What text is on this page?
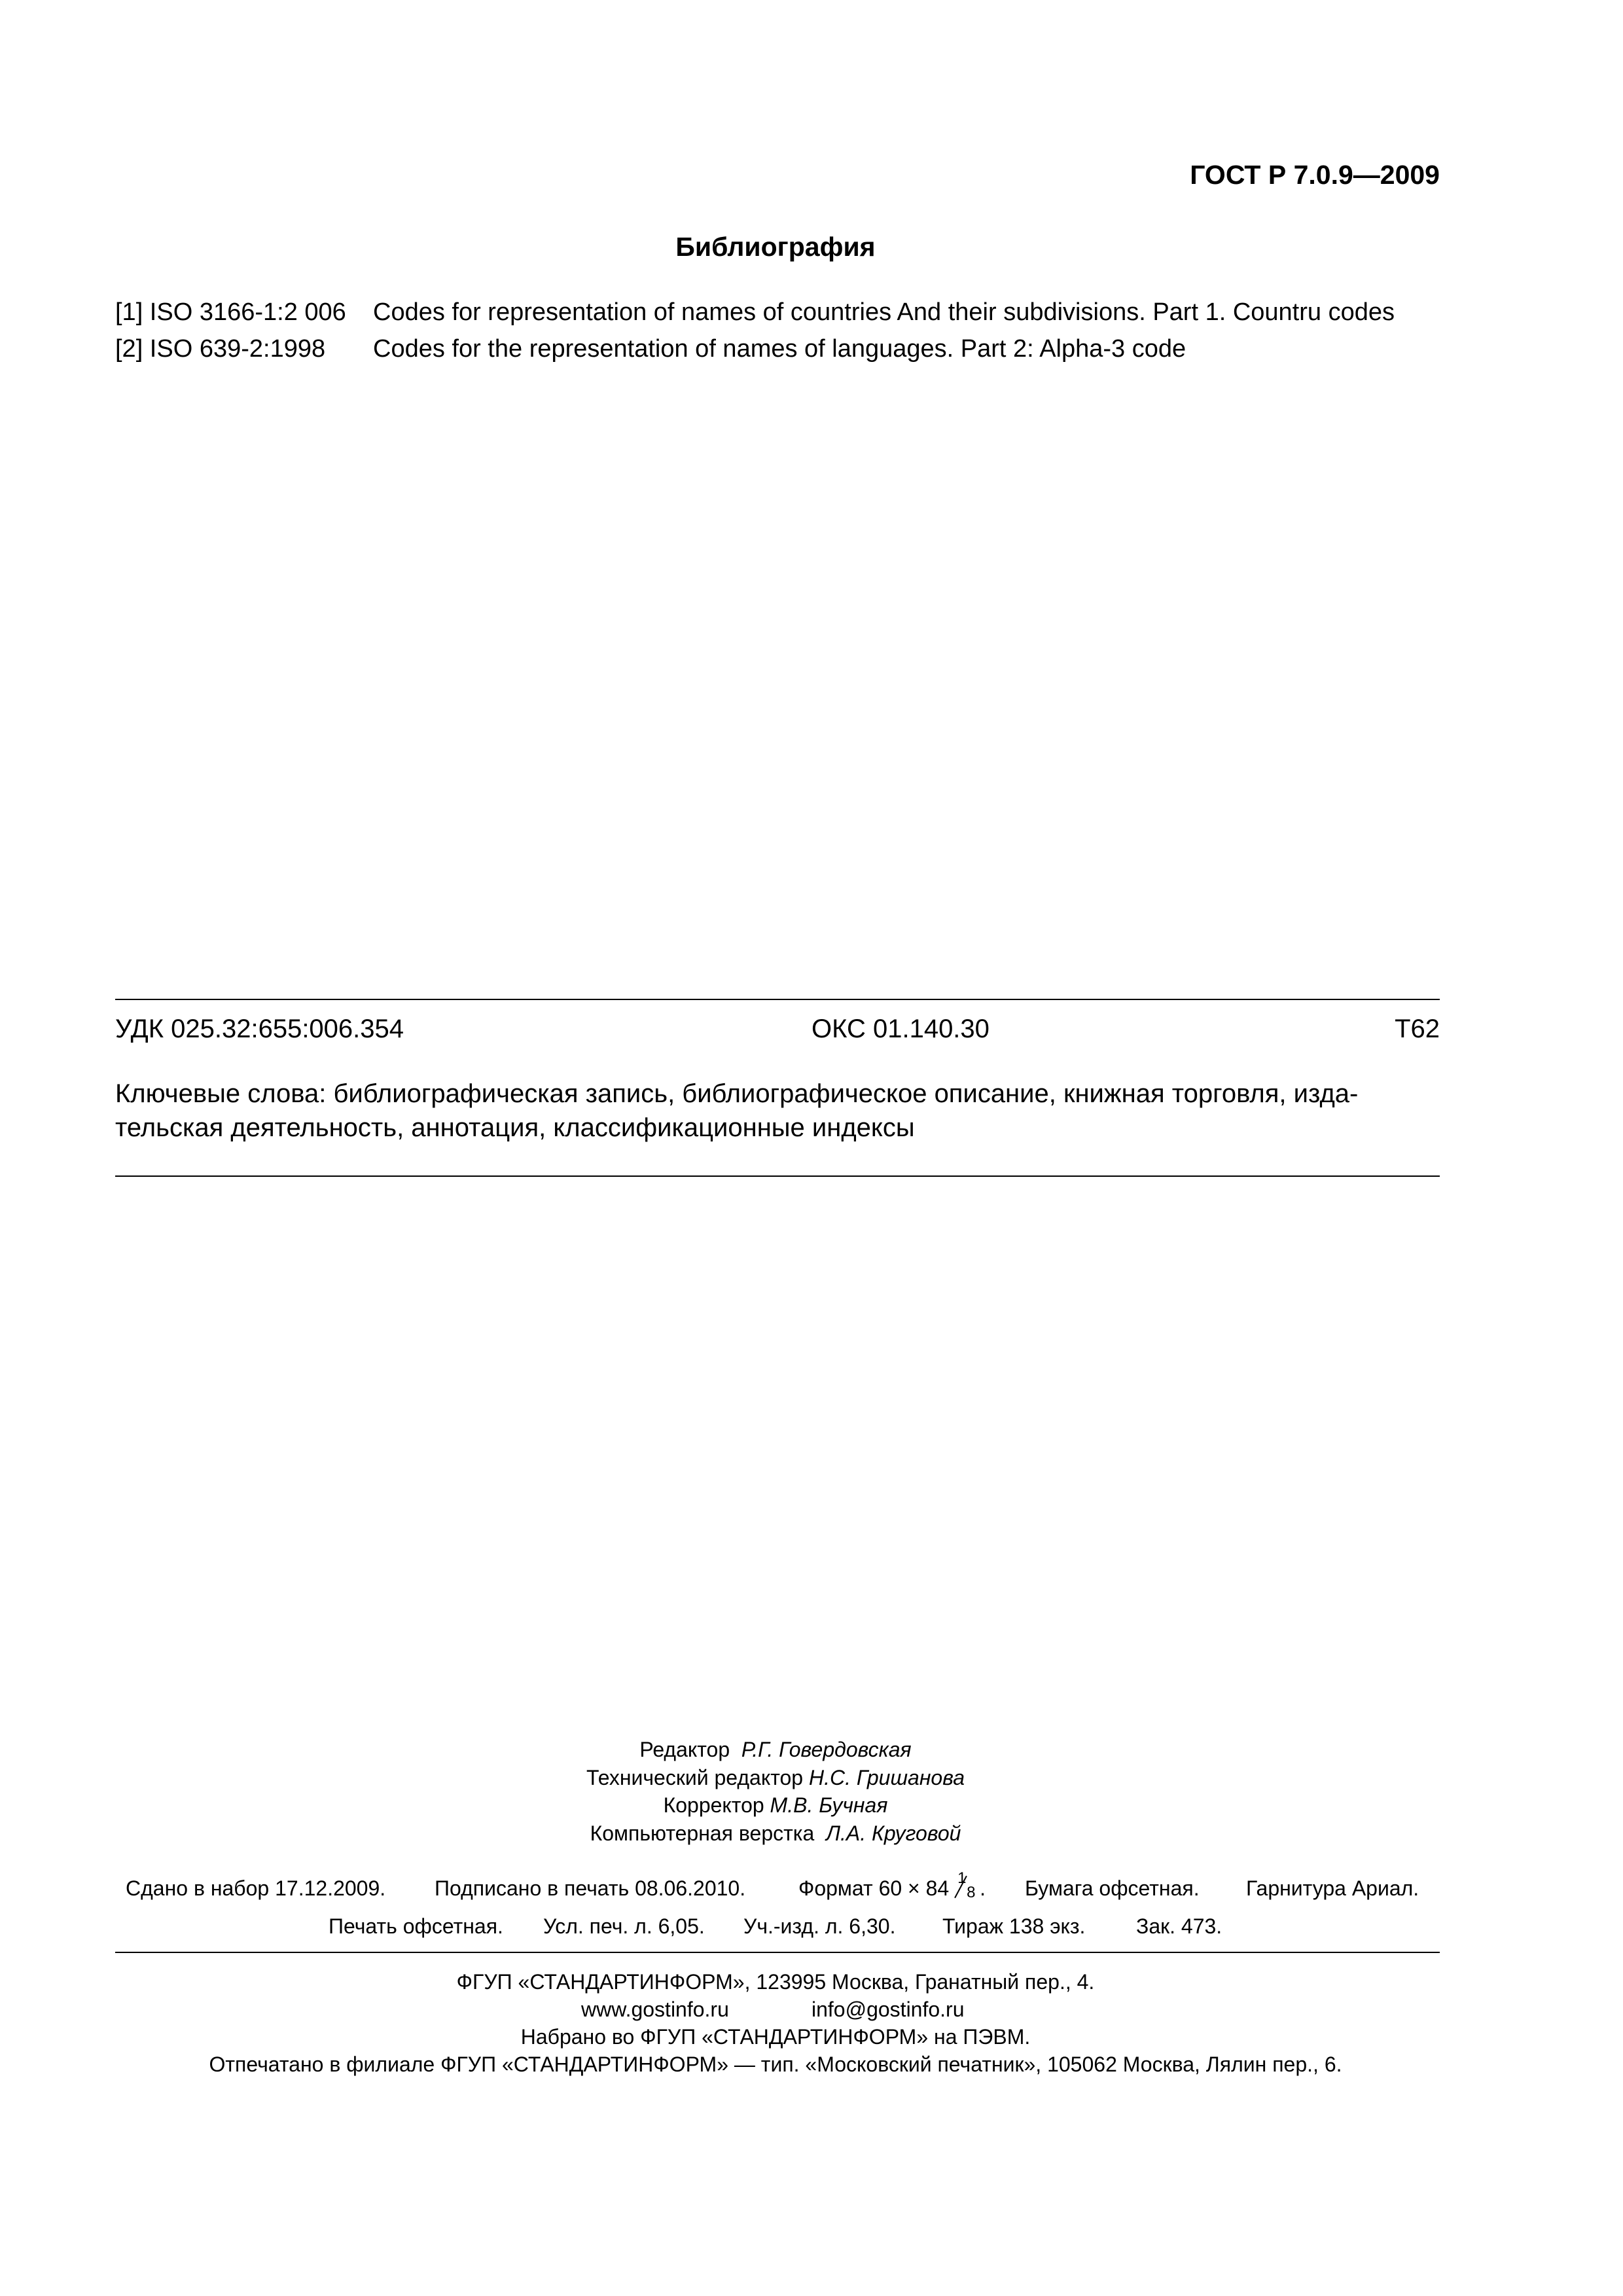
ГОСТ Р 7.0.9—2009
Библиография
[1] ISO 3166-1:2 006 Codes for representation of names of countries And their subdivisions. Part 1. Countru codes
[2] ISO 639-2:1998 Codes for the representation of names of languages. Part 2: Alpha-3 code
УДК 025.32:655:006.354	ОКС 01.140.30	Т62
Ключевые слова: библиографическая запись, библиографическое описание, книжная торговля, изда-
тельская деятельность, аннотация, классификационные индексы
Редактор Р.Г. Говердовская
Технический редактор Н.С. Гришанова
Корректор М.В. Бучная
Компьютерная верстка Л.А. Круговой
Сдано в набор 17.12.2009. Подписано в печать 08.06.2010.	Формат 60 × 84 1
8 . Бумага офсетная. Гарнитура Ариал.
Печать офсетная. Усл. печ. л. 6,05. Уч.-изд. л. 6,30. Тираж 138 экз. Зак. 473.
ФГУП «СТАНДАРТИНФОРМ», 123995 Москва, Гранатный пер., 4.
www.gostinfo.ru	info@gostinfo.ru
Набрано во ФГУП «СТАНДАРТИНФОРМ» на ПЭВМ.
Отпечатано в филиале ФГУП «СТАНДАРТИНФОРМ» — тип. «Московский печатник», 105062 Москва, Лялин пер., 6.
